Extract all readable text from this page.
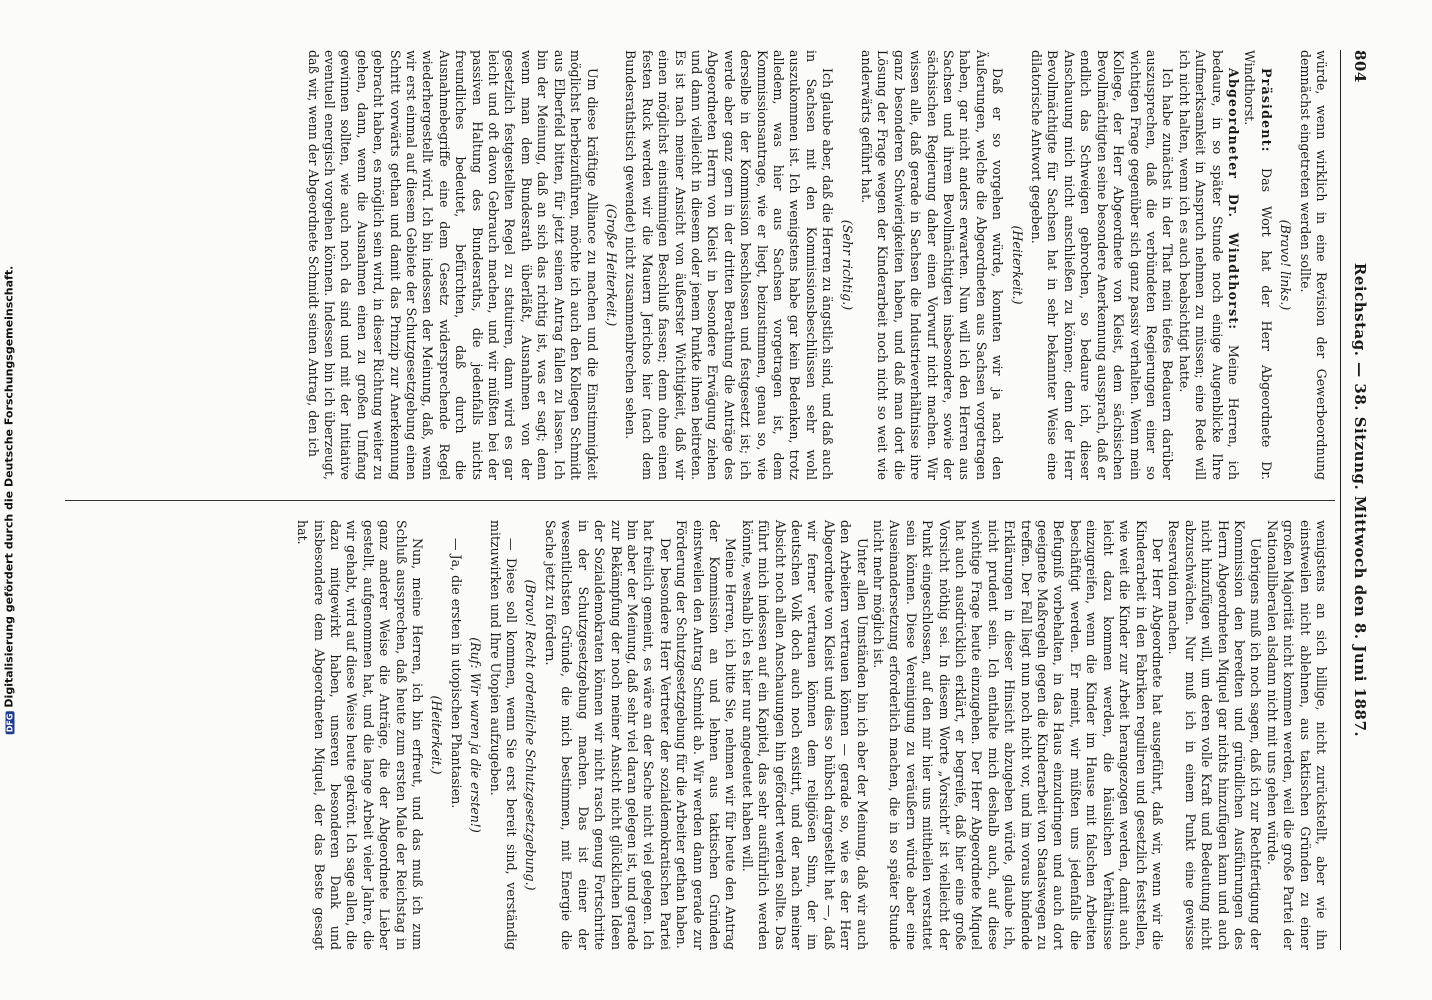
DFGDigitalisierung gefördert durch die Deutsche Forschungsgemeinschaft.
804
Reichstag. — 38. Sitzung. Mittwoch den 8. Juni 1887.

würde, wenn wirklich in eine Revision der Gewerbeordnung demnächst eingetreten werden sollte.

(Bravo! links.)

Präsident: Das Wort hat der Herr Abgeordnete Dr. Windthorst.

Abgeordneter Dr. Windthorst: Meine Herren, ich bedaure, in so später Stunde noch einige Augenblicke Ihre Aufmerksamkeit in Anspruch nehmen zu müssen; eine Rede will ich nicht halten, wenn ich es auch beabsichtigt hatte.

Ich habe zunächst in der That mein tiefes Bedauern darüber auszusprechen, daß die verbündeten Regierungen einer so wichtigen Frage gegenüber sich ganz passiv verhalten. Wenn mein Kollege, der Herr Abgeordnete von Kleist, dem sächsischen Bevollmächtigten seine besondere Anerkennung aussprach, daß er endlich das Schweigen gebrochen, so bedaure ich, dieser Anschauung mich nicht anschließen zu können; denn der Herr Bevollmächtigte für Sachsen hat in sehr bekannter Weise eine dilatorische Antwort gegeben.

(Heiterkeit.)

Daß er so vorgehen würde, konnten wir ja nach den Äußerungen, welche die Abgeordneten aus Sachsen vorgetragen haben, gar nicht anders erwarten. Nun will ich den Herren aus Sachsen und ihrem Bevollmächtigten insbesondere, sowie der sächsischen Regierung daher einen Vorwurf nicht machen. Wir wissen alle, daß gerade in Sachsen die Industrieverhältnisse ihre ganz besonderen Schwierigkeiten haben, und daß man dort die Lösung der Frage wegen der Kinderarbeit noch nicht so weit wie anderwärts geführt hat.

(Sehr richtig.)

Ich glaube aber, daß die Herren zu ängstlich sind, und daß auch in Sachsen mit den Kommissionsbeschlüssen sehr wohl auszukommen ist. Ich wenigstens habe gar kein Bedenken, trotz alledem, was hier aus Sachsen vorgetragen ist, dem Kommissionsantrage, wie er liegt, beizustimmen, genau so, wie derselbe in der Kommission beschlossen und festgesetzt ist; ich werde aber ganz gern in der dritten Berathung die Anträge des Abgeordneten Herrn von Kleist in besondere Erwägung ziehen und dann vielleicht in diesem oder jenem Punkte ihnen beitreten. Es ist nach meiner Ansicht von äußerster Wichtigkeit, daß wir einen möglichst einstimmigen Beschluß fassen; denn ohne einen festen Ruck werden wir die Mauern Jerichos hier (nach dem Bundesrathstisch gewendet) nicht zusammenbrechen sehen.

(Große Heiterkeit.)

Um diese kräftige Alliance zu machen und die Einstimmigkeit möglichst herbeizuführen, möchte ich auch den Kollegen Schmidt aus Elberfeld bitten, für jetzt seinen Antrag fallen zu lassen. Ich bin der Meinung, daß an sich das richtig ist, was er sagt; denn wenn man dem Bundesrath überläßt, Ausnahmen von der gesetzlich festgestellten Regel zu statuiren, dann wird es gar leicht und oft davon Gebrauch machen, und wir müßten bei der passiven Haltung des Bundesraths, die jedenfalls nichts freundliches bedeutet, befürchten, daß durch die Ausnahmebegriffe eine dem Gesetz widersprechende Regel wiederhergestellt wird. Ich bin indessen der Meinung, daß, wenn wir erst einmal auf diesem Gebiete der Schutzgesetzgebung einen Schritt vorwärts gethan und damit das Prinzip zur Anerkennung gebracht haben, es möglich sein wird, in dieser Richtung weiter zu gehen, dann, wenn die Ausnahmen einen zu großen Umfang gewinnen sollten, wie auch noch da sind und mit der Initiative eventuell energisch vorgehen können. Indessen bin ich überzeugt, daß wir, wenn der Abgeordnete Schmidt seinen Antrag, den ich

wenigstens an sich billige, nicht zurückstellt, aber wie ihn einstweilen nicht ablehnen, aus taktischen Gründen zu einer großen Majorität nicht kommen werden, weil die große Partei der Nationalliberalen alsdann nicht mit uns gehen würde.

Uebrigens muß ich noch sagen, daß ich zur Rechtfertigung der Kommission den beredten und gründlichen Ausführungen des Herrn Abgeordneten Miquel gar nichts hinzufügen kann und auch nicht hinzufügen will, um deren volle Kraft und Bedeutung nicht abzuschwächen. Nur muß ich in einem Punkt eine gewisse Reservation machen.

Der Herr Abgeordnete hat ausgeführt, daß wir, wenn wir die Kinderarbeit in den Fabriken reguliren und gesetzlich feststellen, wie weit die Kinder zur Arbeit herangezogen werden, damit auch leicht dazu kommen werden, die häuslichen Verhältnisse einzugreifen, wenn die Kinder im Hause mit falschen Arbeiten beschäftigt werden. Er meint, wir müßten uns jedenfalls die Befugniß vorbehalten, in das Haus einzudringen und auch dort geeignete Maßregeln gegen die Kinderarbeit von Staatswegen zu treffen. Der Fall liegt nun noch nicht vor, und im voraus bindende Erklärungen in dieser Hinsicht abzugeben würde, glaube ich, nicht prudent sein. Ich enthalte mich deshalb auch, auf diese wichtige Frage heute einzugehen. Der Herr Abgeordnete Miquel hat auch ausdrücklich erklärt, er begreife, daß hier eine große Vorsicht nöthig sei. In diesem Worte „Vorsicht“ ist vielleicht der Punkt eingeschlossen, auf den mir hier uns mittheilen verstattet sein können. Diese Vereinigung zu veräußern würde aber eine Auseinandersetzung erforderlich machen, die in so später Stunde nicht mehr möglich ist.

Unter allen Umständen bin ich aber der Meinung, daß wir auch den Arbeitern vertrauen können — gerade so, wie es der Herr Abgeordnete von Kleist und dies so hübsch dargestellt hat —, daß wir ferner vertrauen können dem religiösen Sinn, der im deutschen Volk doch auch noch existirt, und der nach meiner Absicht noch allen Anschauungen hin gefördert werden sollte. Das führt mich indessen auf ein Kapitel, das sehr ausführlich werden könnte, weshalb ich es hier nur angedeutet haben will.

Meine Herren, ich bitte Sie, nehmen wir für heute den Antrag der Kommission an und lehnen aus taktischen Gründen einstweilen den Antrag Schmidt ab. Wir werden dann gerade zur Förderung der Schutzgesetzgebung für die Arbeiter gethan haben.

Der besondere Herr Vertreter der sozialdemokratischen Partei hat freilich gemeint, es wäre an der Sache nicht viel gelegen. Ich bin aber der Meinung, daß sehr viel daran gelegen ist, und gerade zur Bekämpfung der noch meiner Ansicht nicht glücklichen Ideen der Sozialdemokraten können wir nicht rasch genug Fortschritte in der Schutzgesetzgebung machen. Das ist einer der wesentlichsten Gründe, die mich bestimmen, mit Energie die Sache jetzt zu fördern.

(Bravo! Recht ordentliche Schutzgesetzgebung.)

— Diese soll kommen, wenn Sie erst bereit sind, verständig mitzuwirken und Ihre Utopien aufzugeben.

(Ruf: Wir waren ja die ersten!)

— Ja, die ersten in utopischen Phantasien.

(Heiterkeit.)

Nun, meine Herren, ich bin erfreut, und das muß ich zum Schluß aussprechen, daß heute zum ersten Male der Reichstag in ganz anderer Weise die Anträge, die der Abgeordnete Lieber gestellt, aufgenommen hat, und die lange Arbeit vieler Jahre, die wir gehabt, wird auf diese Weise heute gekrönt. Ich sage allen, die dazu mitgewirkt haben, unseren besonderen Dank und insbesondere dem Abgeordneten Miquel, der das Beste gesagt hat.
